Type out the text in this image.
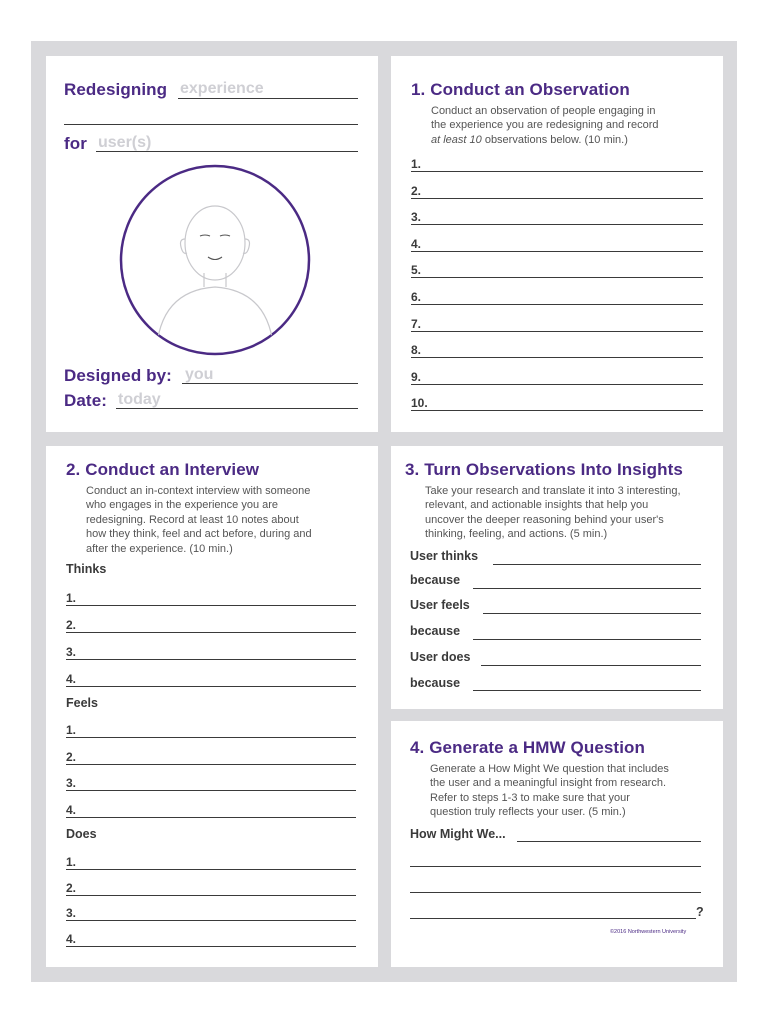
Redesigning experience
for user(s)
Designed by: you
Date: today
1. Conduct an Observation
Conduct an observation of people engaging in
the experience you are redesigning and record
at least 10 observations below. (10 min.)
1.
2.
3.
4.
5.
6.
7.
8.
9.
10.
2. Conduct an Interview
Conduct an in-context interview with someone
who engages in the experience you are
redesigning. Record at least 10 notes about
how they think, feel and act before, during and
after the experience. (10 min.)
Thinks
Feels
Does
1.
2.
3.
4.
1.
2.
3.
4.
1.
2.
3.
4.
3. Turn Observations Into Insights
Take your research and translate it into 3 interesting,
relevant, and actionable insights that help you
uncover the deeper reasoning behind your user's
thinking, feeling, and actions. (5 min.)
User thinks
because
User feels
because
User does
because
4. Generate a HMW Question
Generate a How Might We question that includes
the user and a meaningful insight from research.
Refer to steps 1-3 to make sure that your
question truly reflects your user. (5 min.)
How Might We...
?
©2016 Northwestern University
